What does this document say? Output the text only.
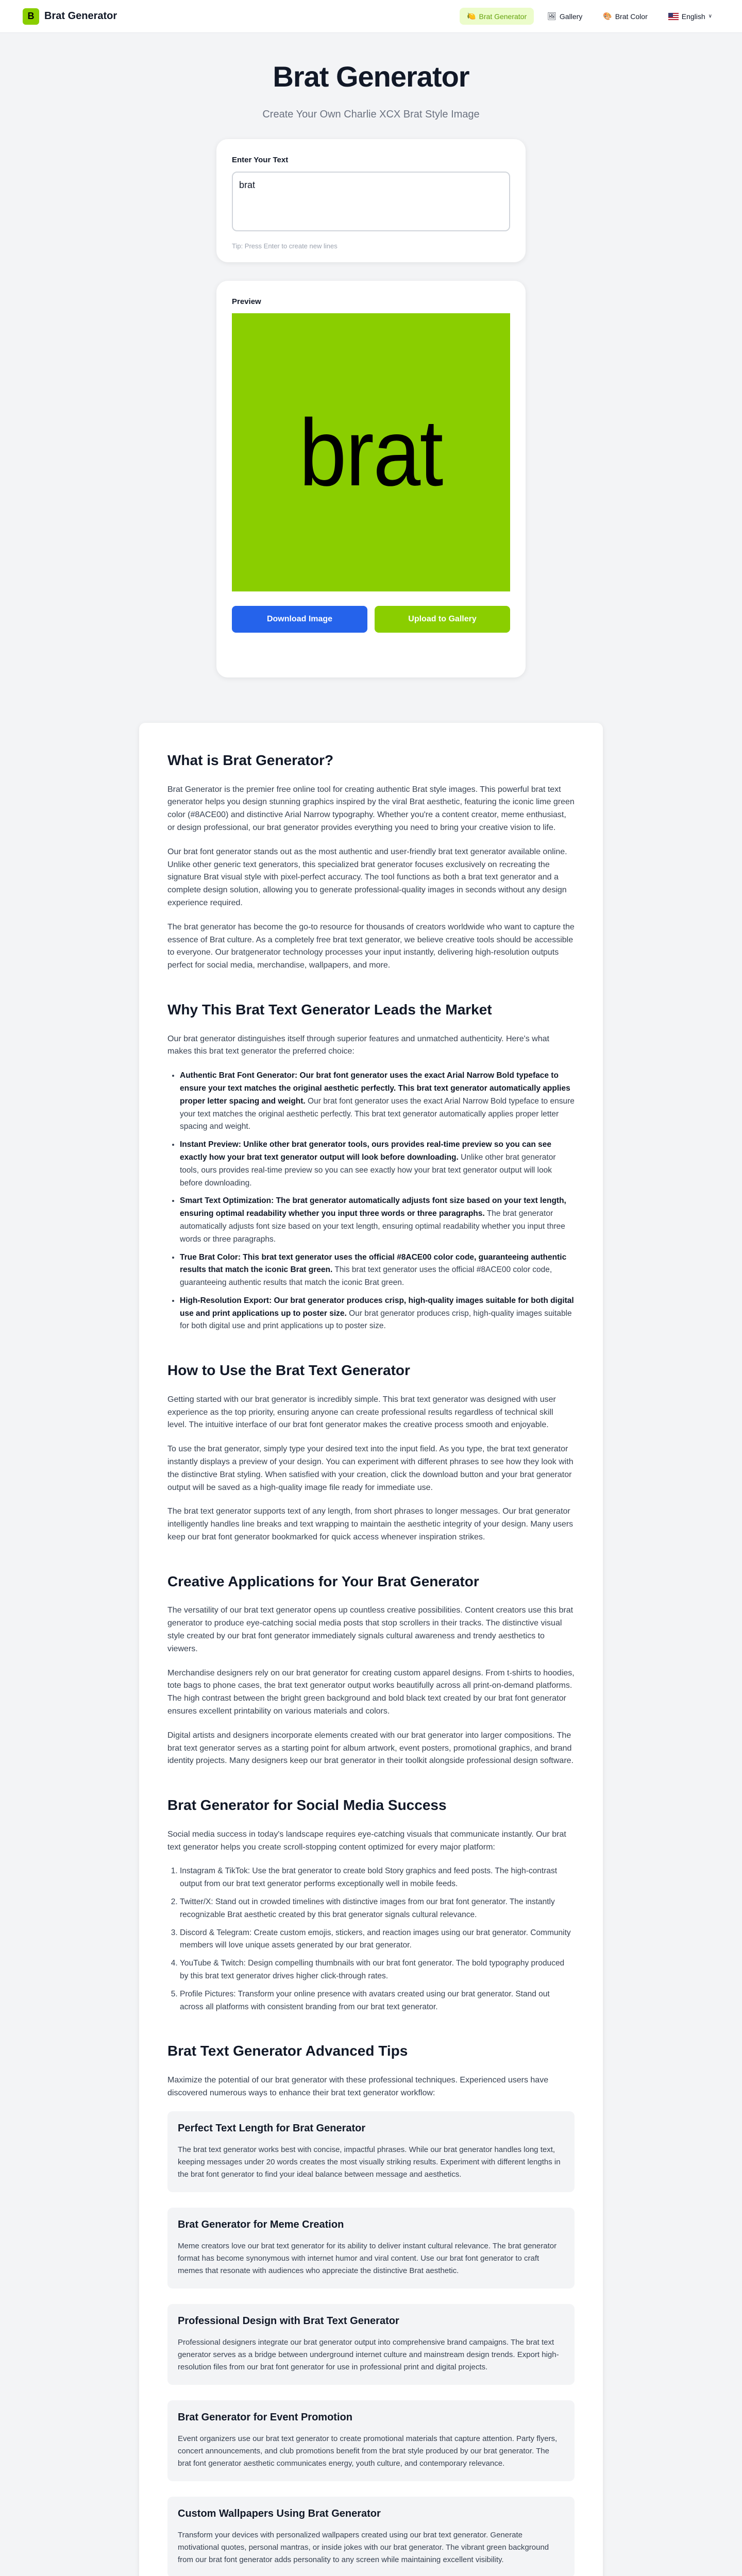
B Brat Generator	🍋 Brat Generator	🖼 Gallery	🎨 Brat Color	English ∨
Brat Generator
Create Your Own Charlie XCX Brat Style Image
Enter Your Text
brat
Tip: Press Enter to create new lines
Preview
brat
Download Image	Upload to Gallery
What is Brat Generator?

Brat Generator is the premier free online tool for creating authentic Brat style images. This powerful brat text generator helps you design stunning graphics inspired by the viral Brat aesthetic, featuring the iconic lime green color (#8ACE00) and distinctive Arial Narrow typography. Whether you're a content creator, meme enthusiast, or design professional, our brat generator provides everything you need to bring your creative vision to life.

Our brat font generator stands out as the most authentic and user-friendly brat text generator available online. Unlike other generic text generators, this specialized brat generator focuses exclusively on recreating the signature Brat visual style with pixel-perfect accuracy. The tool functions as both a brat text generator and a complete design solution, allowing you to generate professional-quality images in seconds without any design experience required.

The brat generator has become the go-to resource for thousands of creators worldwide who want to capture the essence of Brat culture. As a completely free brat text generator, we believe creative tools should be accessible to everyone. Our bratgenerator technology processes your input instantly, delivering high-resolution outputs perfect for social media, merchandise, wallpapers, and more.

Why This Brat Text Generator Leads the Market

Our brat generator distinguishes itself through superior features and unmatched authenticity. Here's what makes this brat text generator the preferred choice:

• Authentic Brat Font Generator: Our brat font generator uses the exact Arial Narrow Bold typeface to ensure your text matches the original aesthetic perfectly. This brat text generator automatically applies proper letter spacing and weight. Our brat font generator uses the exact Arial Narrow Bold typeface to ensure your text matches the original aesthetic perfectly. This brat text generator automatically applies proper letter spacing and weight.
• Instant Preview: Unlike other brat generator tools, ours provides real-time preview so you can see exactly how your brat text generator output will look before downloading. Unlike other brat generator tools, ours provides real-time preview so you can see exactly how your brat text generator output will look before downloading.
• Smart Text Optimization: The brat generator automatically adjusts font size based on your text length, ensuring optimal readability whether you input three words or three paragraphs. The brat generator automatically adjusts font size based on your text length, ensuring optimal readability whether you input three words or three paragraphs.
• True Brat Color: This brat text generator uses the official #8ACE00 color code, guaranteeing authentic results that match the iconic Brat green. This brat text generator uses the official #8ACE00 color code, guaranteeing authentic results that match the iconic Brat green.
• High-Resolution Export: Our brat generator produces crisp, high-quality images suitable for both digital use and print applications up to poster size. Our brat generator produces crisp, high-quality images suitable for both digital use and print applications up to poster size.
How to Use the Brat Text Generator

Getting started with our brat generator is incredibly simple. This brat text generator was designed with user experience as the top priority, ensuring anyone can create professional results regardless of technical skill level. The intuitive interface of our brat font generator makes the creative process smooth and enjoyable.

To use the brat generator, simply type your desired text into the input field. As you type, the brat text generator instantly displays a preview of your design. You can experiment with different phrases to see how they look with the distinctive Brat styling. When satisfied with your creation, click the download button and your brat generator output will be saved as a high-quality image file ready for immediate use.

The brat text generator supports text of any length, from short phrases to longer messages. Our brat generator intelligently handles line breaks and text wrapping to maintain the aesthetic integrity of your design. Many users keep our brat font generator bookmarked for quick access whenever inspiration strikes.

Creative Applications for Your Brat Generator

The versatility of our brat text generator opens up countless creative possibilities. Content creators use this brat generator to produce eye-catching social media posts that stop scrollers in their tracks. The distinctive visual style created by our brat font generator immediately signals cultural awareness and trendy aesthetics to viewers.

Merchandise designers rely on our brat generator for creating custom apparel designs. From t-shirts to hoodies, tote bags to phone cases, the brat text generator output works beautifully across all print-on-demand platforms. The high contrast between the bright green background and bold black text created by our brat font generator ensures excellent printability on various materials and colors.

Digital artists and designers incorporate elements created with our brat generator into larger compositions. The brat text generator serves as a starting point for album artwork, event posters, promotional graphics, and brand identity projects. Many designers keep our brat generator in their toolkit alongside professional design software.

Brat Generator for Social Media Success

Social media success in today's landscape requires eye-catching visuals that communicate instantly. Our brat text generator helps you create scroll-stopping content optimized for every major platform:

1. Instagram & TikTok: Use the brat generator to create bold Story graphics and feed posts. The high-contrast output from our brat text generator performs exceptionally well in mobile feeds.
2. Twitter/X: Stand out in crowded timelines with distinctive images from our brat font generator. The instantly recognizable Brat aesthetic created by this brat generator signals cultural relevance.
3. Discord & Telegram: Create custom emojis, stickers, and reaction images using our brat generator. Community members will love unique assets generated by our brat generator.
4. YouTube & Twitch: Design compelling thumbnails with our brat font generator. The bold typography produced by this brat text generator drives higher click-through rates.
5. Profile Pictures: Transform your online presence with avatars created using our brat generator. Stand out across all platforms with consistent branding from our brat text generator.
Brat Text Generator Advanced Tips

Maximize the potential of our brat generator with these professional techniques. Experienced users have discovered numerous ways to enhance their brat text generator workflow:

Perfect Text Length for Brat Generator

The brat text generator works best with concise, impactful phrases. While our brat generator handles long text, keeping messages under 20 words creates the most visually striking results. Experiment with different lengths in the brat font generator to find your ideal balance between message and aesthetics.

Brat Generator for Meme Creation

Meme creators love our brat text generator for its ability to deliver instant cultural relevance. The brat generator format has become synonymous with internet humor and viral content. Use our brat font generator to craft memes that resonate with audiences who appreciate the distinctive Brat aesthetic.

Professional Design with Brat Text Generator

Professional designers integrate our brat generator output into comprehensive brand campaigns. The brat text generator serves as a bridge between underground internet culture and mainstream design trends. Export high-resolution files from our brat font generator for use in professional print and digital projects.

Brat Generator for Event Promotion

Event organizers use our brat text generator to create promotional materials that capture attention. Party flyers, concert announcements, and club promotions benefit from the brat style produced by our brat generator. The brat font generator aesthetic communicates energy, youth culture, and contemporary relevance.

Custom Wallpapers Using Brat Generator

Transform your devices with personalized wallpapers created using our brat text generator. Generate motivational quotes, personal mantras, or inside jokes with our brat generator. The vibrant green background from our brat font generator adds personality to any screen while maintaining excellent visibility.
